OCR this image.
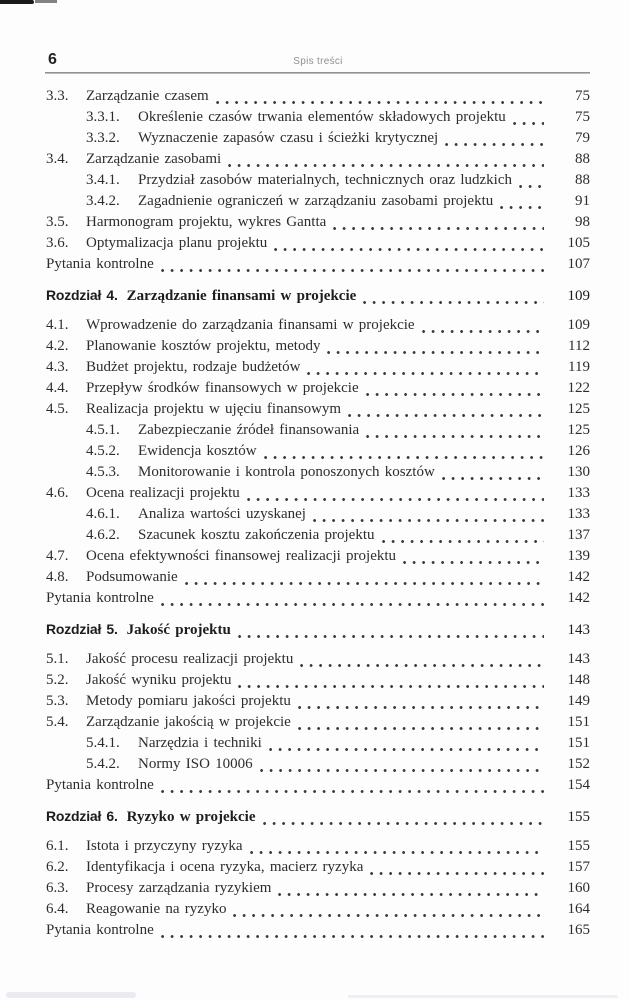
6	Spis treści
3.3.	Zarządzanie czasem	75
3.3.1.	Określenie czasów trwania elementów składowych projektu	75
3.3.2.	Wyznaczenie zapasów czasu i ścieżki krytycznej	79
3.4.	Zarządzanie zasobami	88
3.4.1.	Przydział zasobów materialnych, technicznych oraz ludzkich	88
3.4.2.	Zagadnienie ograniczeń w zarządzaniu zasobami projektu	91
3.5.	Harmonogram projektu, wykres Gantta	98
3.6.	Optymalizacja planu projektu	105
Pytania kontrolne	107
Rozdział 4. Zarządzanie finansami w projekcie	109
4.1.	Wprowadzenie do zarządzania finansami w projekcie	109
4.2.	Planowanie kosztów projektu, metody	112
4.3.	Budżet projektu, rodzaje budżetów	119
4.4.	Przepływ środków finansowych w projekcie	122
4.5.	Realizacja projektu w ujęciu finansowym	125
4.5.1.	Zabezpieczanie źródeł finansowania	125
4.5.2.	Ewidencja kosztów	126
4.5.3.	Monitorowanie i kontrola ponoszonych kosztów	130
4.6.	Ocena realizacji projektu	133
4.6.1.	Analiza wartości uzyskanej	133
4.6.2.	Szacunek kosztu zakończenia projektu	137
4.7.	Ocena efektywności finansowej realizacji projektu	139
4.8.	Podsumowanie	142
Pytania kontrolne	142
Rozdział 5. Jakość projektu	143
5.1.	Jakość procesu realizacji projektu	143
5.2.	Jakość wyniku projektu	148
5.3.	Metody pomiaru jakości projektu	149
5.4.	Zarządzanie jakością w projekcie	151
5.4.1.	Narzędzia i techniki	151
5.4.2.	Normy ISO 10006	152
Pytania kontrolne	154
Rozdział 6. Ryzyko w projekcie	155
6.1.	Istota i przyczyny ryzyka	155
6.2.	Identyfikacja i ocena ryzyka, macierz ryzyka	157
6.3.	Procesy zarządzania ryzykiem	160
6.4.	Reagowanie na ryzyko	164
Pytania kontrolne	165
